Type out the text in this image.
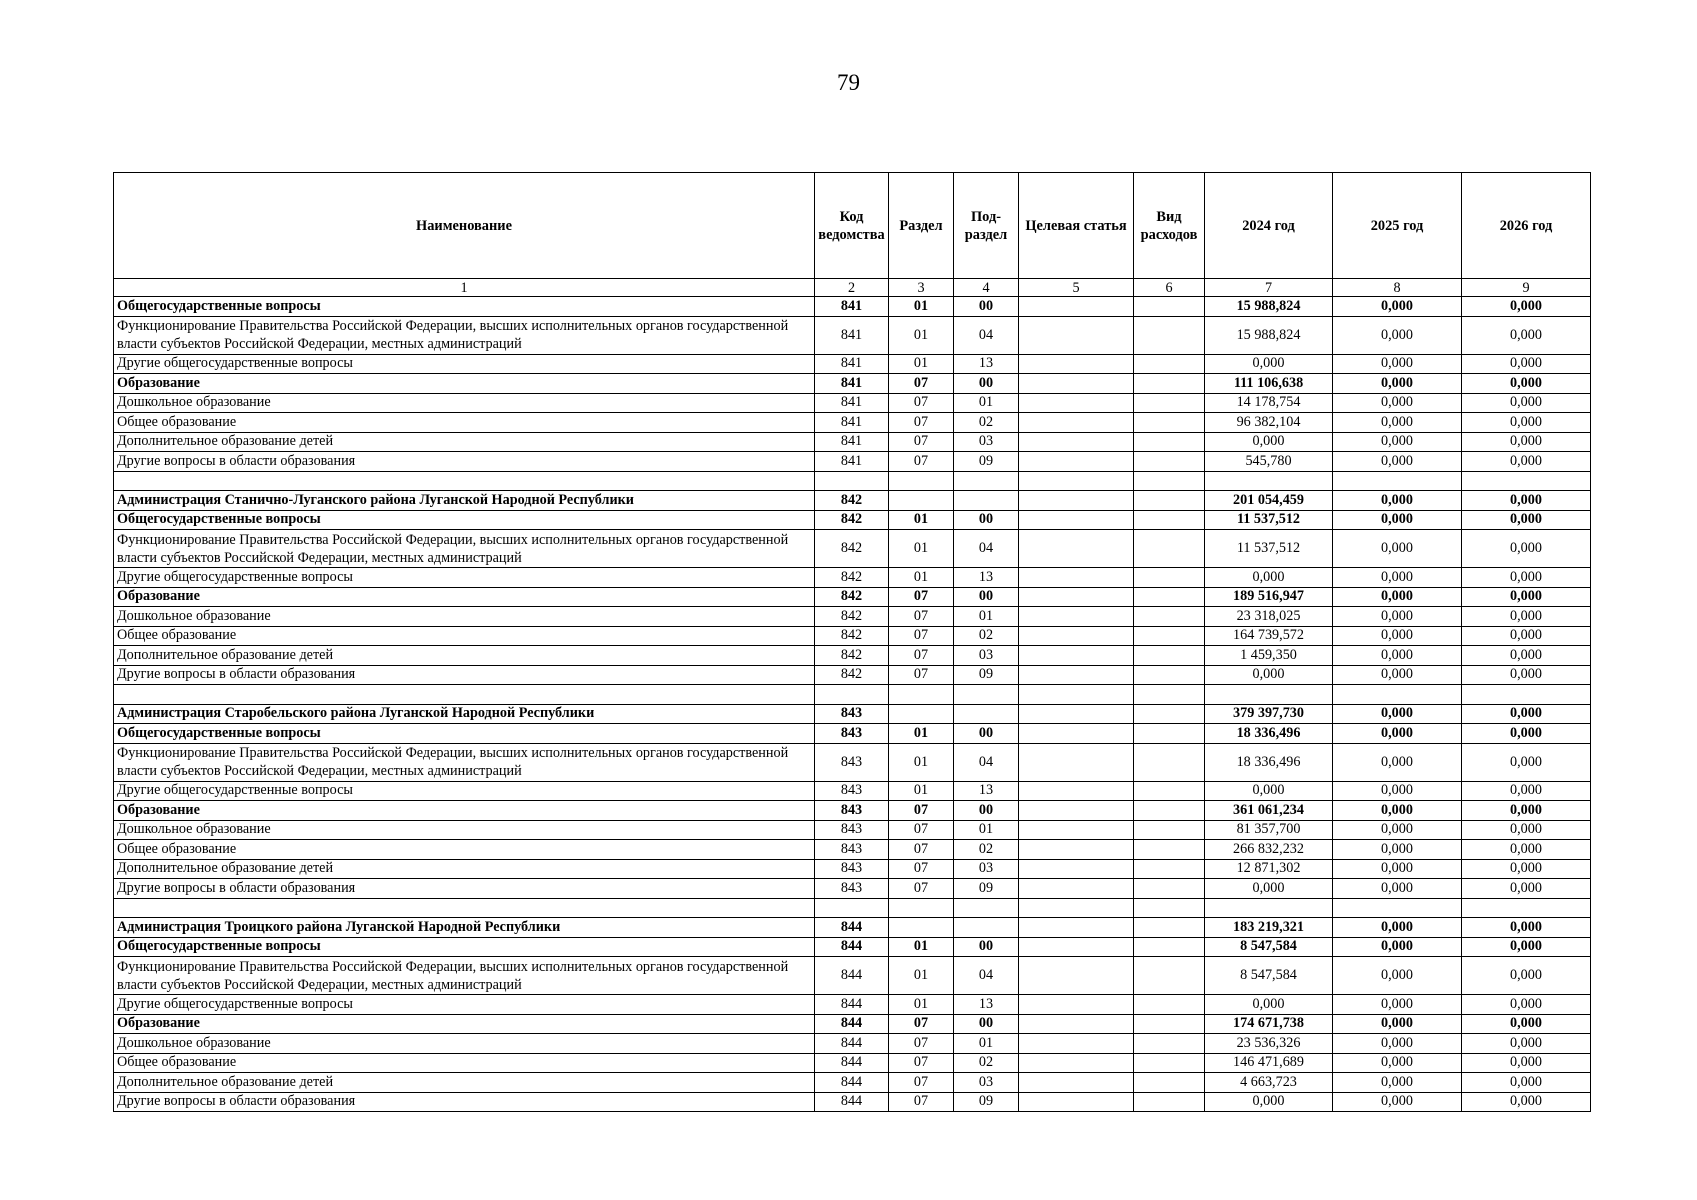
79
Наименование	Код ведомства	Раздел	Под-раздел	Целевая статья	Вид расходов	2024 год	2025 год	2026 год
1	2	3	4	5	6	7	8	9
Общегосударственные вопросы	841	01	00			15 988,824	0,000	0,000
Функционирование Правительства Российской Федерации, высших исполнительных органов государственной власти субъектов Российской Федерации, местных администраций	841	01	04			15 988,824	0,000	0,000
Другие общегосударственные вопросы	841	01	13			0,000	0,000	0,000
Образование	841	07	00			111 106,638	0,000	0,000
Дошкольное образование	841	07	01			14 178,754	0,000	0,000
Общее образование	841	07	02			96 382,104	0,000	0,000
Дополнительное образование детей	841	07	03			0,000	0,000	0,000
Другие вопросы в области образования	841	07	09			545,780	0,000	0,000

Администрация Станично-Луганского района Луганской Народной Республики	842					201 054,459	0,000	0,000
Общегосударственные вопросы	842	01	00			11 537,512	0,000	0,000
Функционирование Правительства Российской Федерации, высших исполнительных органов государственной власти субъектов Российской Федерации, местных администраций	842	01	04			11 537,512	0,000	0,000
Другие общегосударственные вопросы	842	01	13			0,000	0,000	0,000
Образование	842	07	00			189 516,947	0,000	0,000
Дошкольное образование	842	07	01			23 318,025	0,000	0,000
Общее образование	842	07	02			164 739,572	0,000	0,000
Дополнительное образование детей	842	07	03			1 459,350	0,000	0,000
Другие вопросы в области образования	842	07	09			0,000	0,000	0,000

Администрация Старобельского района Луганской Народной Республики	843					379 397,730	0,000	0,000
Общегосударственные вопросы	843	01	00			18 336,496	0,000	0,000
Функционирование Правительства Российской Федерации, высших исполнительных органов государственной власти субъектов Российской Федерации, местных администраций	843	01	04			18 336,496	0,000	0,000
Другие общегосударственные вопросы	843	01	13			0,000	0,000	0,000
Образование	843	07	00			361 061,234	0,000	0,000
Дошкольное образование	843	07	01			81 357,700	0,000	0,000
Общее образование	843	07	02			266 832,232	0,000	0,000
Дополнительное образование детей	843	07	03			12 871,302	0,000	0,000
Другие вопросы в области образования	843	07	09			0,000	0,000	0,000

Администрация Троицкого района Луганской Народной Республики	844					183 219,321	0,000	0,000
Общегосударственные вопросы	844	01	00			8 547,584	0,000	0,000
Функционирование Правительства Российской Федерации, высших исполнительных органов государственной власти субъектов Российской Федерации, местных администраций	844	01	04			8 547,584	0,000	0,000
Другие общегосударственные вопросы	844	01	13			0,000	0,000	0,000
Образование	844	07	00			174 671,738	0,000	0,000
Дошкольное образование	844	07	01			23 536,326	0,000	0,000
Общее образование	844	07	02			146 471,689	0,000	0,000
Дополнительное образование детей	844	07	03			4 663,723	0,000	0,000
Другие вопросы в области образования	844	07	09			0,000	0,000	0,000
